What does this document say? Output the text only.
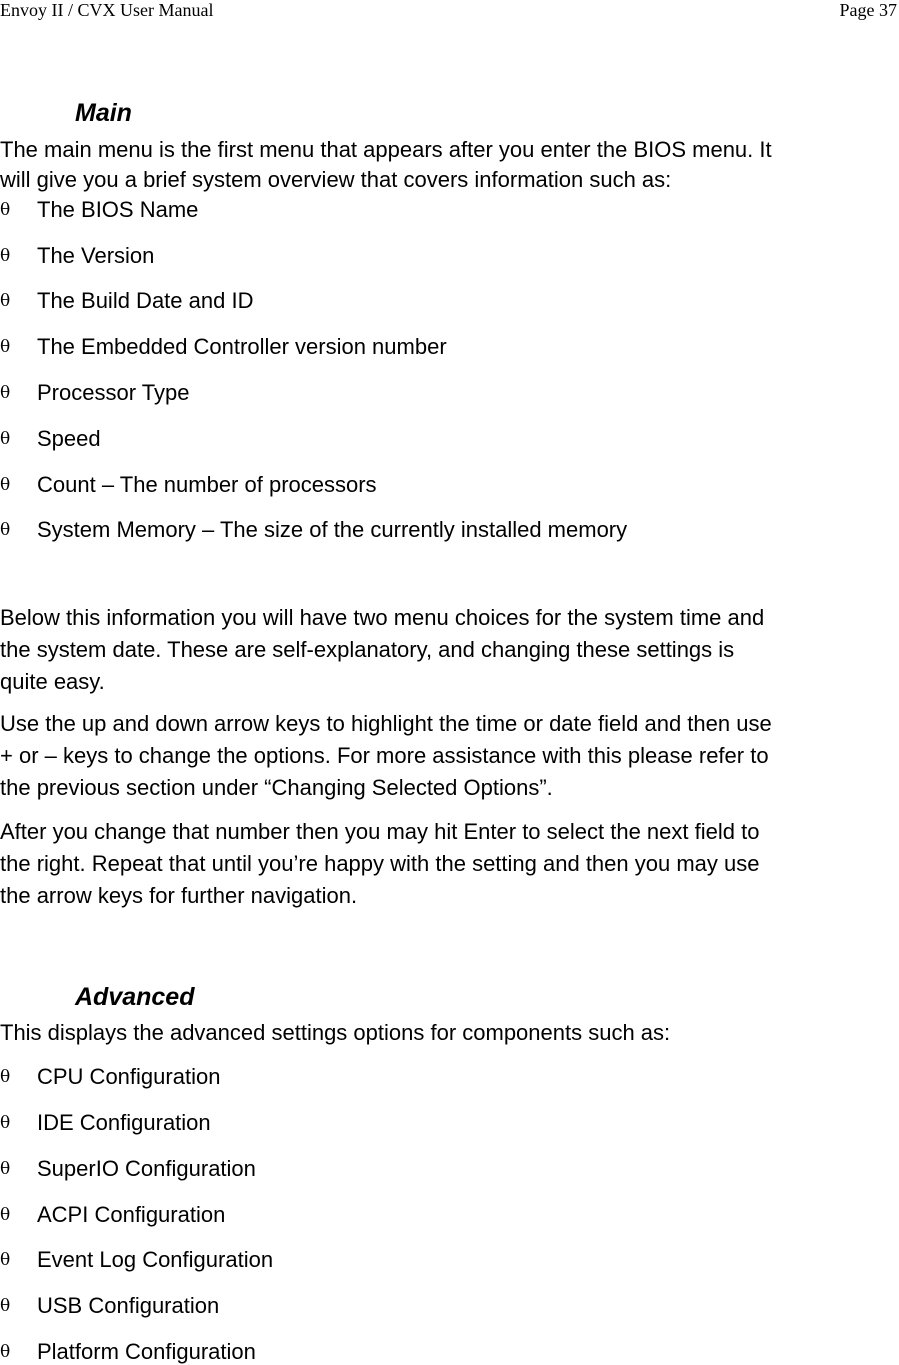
Envoy II / CVX User Manual	Page 37
Main
The main menu is the first menu that appears after you enter the BIOS menu. It
will give you a brief system overview that covers information such as:
θ The BIOS Name
θ The Version
θ The Build Date and ID
θ The Embedded Controller version number
θ Processor Type
θ Speed
θ Count – The number of processors
θ System Memory – The size of the currently installed memory
Below this information you will have two menu choices for the system time and
the system date. These are self-explanatory, and changing these settings is
quite easy.
Use the up and down arrow keys to highlight the time or date field and then use
+ or – keys to change the options. For more assistance with this please refer to
the previous section under “Changing Selected Options”.
After you change that number then you may hit Enter to select the next field to
the right. Repeat that until you’re happy with the setting and then you may use
the arrow keys for further navigation.
Advanced
This displays the advanced settings options for components such as:
θ CPU Configuration
θ IDE Configuration
θ SuperIO Configuration
θ ACPI Configuration
θ Event Log Configuration
θ USB Configuration
θ Platform Configuration
